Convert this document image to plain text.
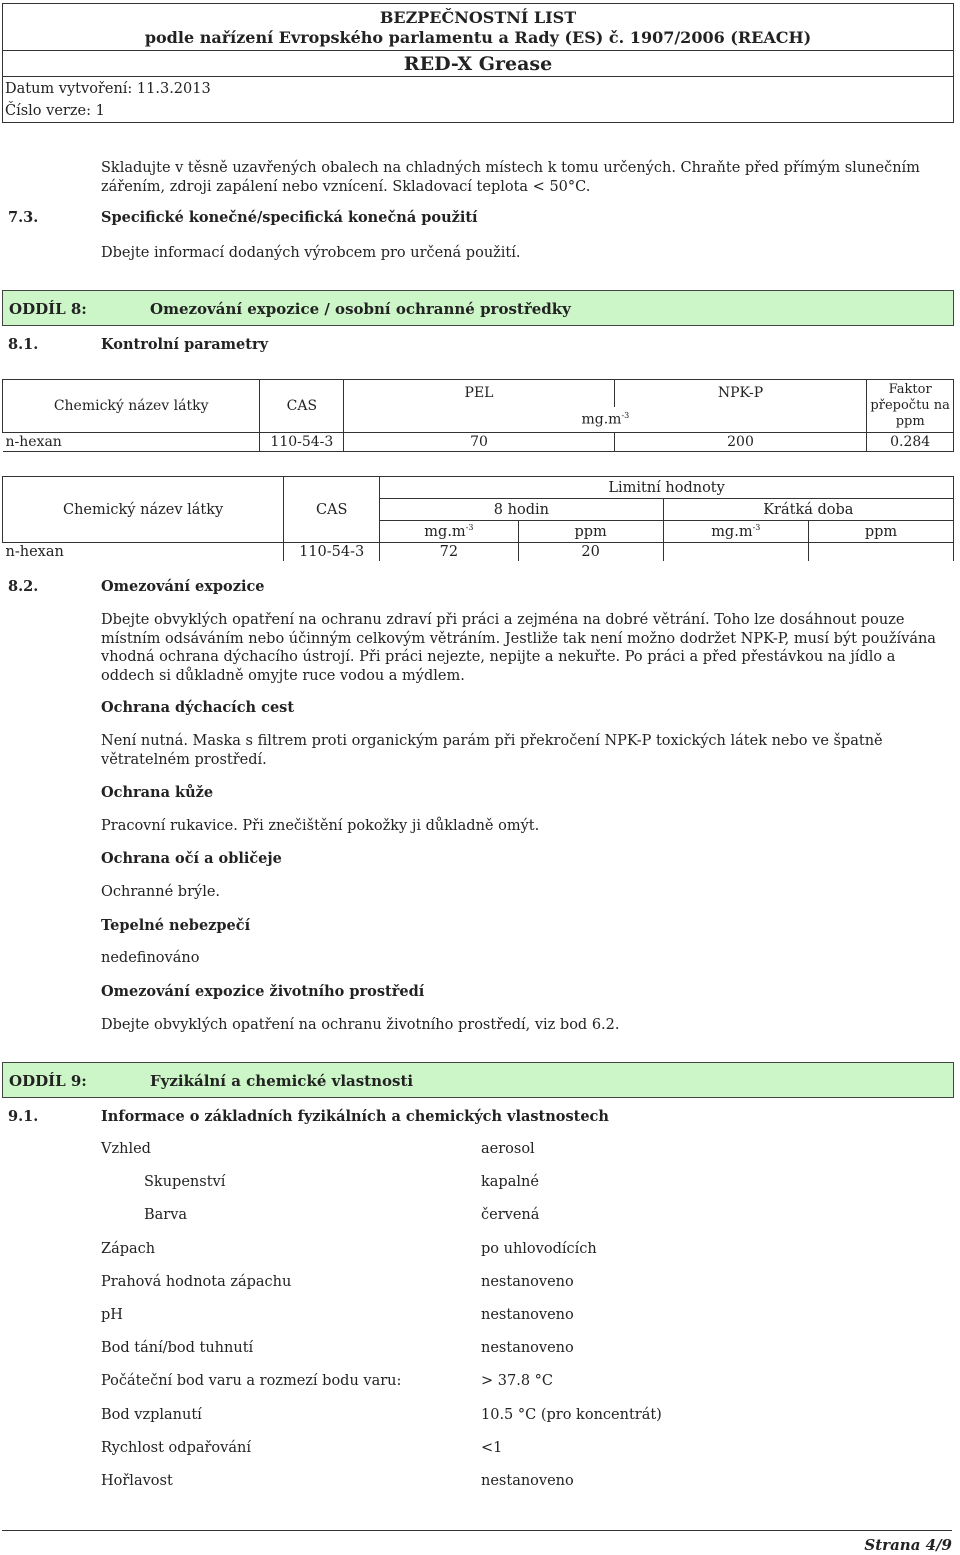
BEZPEČNOSTNÍ LIST
podle nařízení Evropského parlamentu a Rady (ES) č. 1907/2006 (REACH)
RED-X Grease
Datum vytvoření: 11.3.2013
Číslo verze: 1
Skladujte v těsně uzavřených obalech na chladných místech k tomu určených. Chraňte před přímým slunečním zářením, zdroji zapálení nebo vznícení. Skladovací teplota < 50°C.
7.3.	Specifické konečné/specifická konečná použití
Dbejte informací dodaných výrobcem pro určená použití.
ODDÍL 8:	Omezování expozice / osobní ochranné prostředky
8.1.	Kontrolní parametry
Chemický název látky	CAS	PEL	NPK-P	Faktor přepočtu na ppm
		$mg.m^{-3}$
n-hexan	110-54-3	70	200	0.284
Chemický název látky	CAS	Limitní hodnoty			
		8 hodin		Krátká doba	
		$mg.m^{-3}$	ppm	$mg.m^{-3}$	ppm
n-hexan	110-54-3	72	20		
8.2.	Omezování expozice
Dbejte obvyklých opatření na ochranu zdraví při práci a zejména na dobré větrání. Toho lze dosáhnout pouze místním odsáváním nebo účinným celkovým větráním. Jestliže tak není možno dodržet NPK-P, musí být používána vhodná ochrana dýchacího ústrojí. Při práci nejezte, nepijte a nekuřte. Po práci a před přestávkou na jídlo a oddech si důkladně omyjte ruce vodou a mýdlem.
Ochrana dýchacích cest
Není nutná. Maska s filtrem proti organickým parám při překročení NPK-P toxických látek nebo ve špatně větratelném prostředí.
Ochrana kůže
Pracovní rukavice. Při znečištění pokožky ji důkladně omýt.
Ochrana očí a obličeje
Ochranné brýle.
Tepelné nebezpečí
nedefinováno
Omezování expozice životního prostředí
Dbejte obvyklých opatření na ochranu životního prostředí, viz bod 6.2.
ODDÍL 9:	Fyzikální a chemické vlastnosti
9.1.	Informace o základních fyzikálních a chemických vlastnostech
Vzhled	aerosol
Skupenství	kapalné
Barva	červená
Zápach	po uhlovodících
Prahová hodnota zápachu	nestanoveno
pH	nestanoveno
Bod tání/bod tuhnutí	nestanoveno
Počáteční bod varu a rozmezí bodu varu:	> 37.8 °C
Bod vzplanutí	10.5 °C (pro koncentrát)
Rychlost odpařování	<1
Hořlavost	nestanoveno
Strana 4/9
